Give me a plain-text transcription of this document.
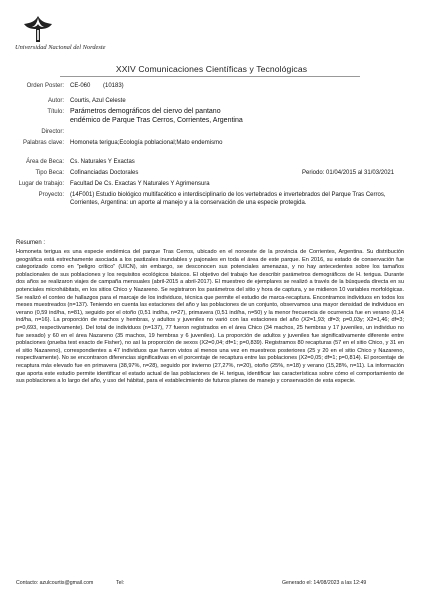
Universidad Nacional del Nordeste
XXIV Comunicaciones Científicas y Tecnológicas
Orden Poster: CE-060 (10183)
Autor: Courtis, Azul Celeste
Título: Parámetros demográficos del ciervo del pantano
endémico de Parque Tras Cerros, Corrientes, Argentina
Director:
Palabras clave: Homoneta terigua;Ecología poblacional;Mato endemismo
Área de Beca: Cs. Naturales Y Exactas
Tipo Beca: Cofinanciadas Doctorales	Periodo: 01/04/2015 al 31/03/2021
Lugar de trabajo: Facultad De Cs. Exactas Y Naturales Y Agrimensura
Proyecto: (14F001) Estudio biológico multifacético e interdisciplinario de los vertebrados e invertebrados del Parque Tras Cerros, Corrientes, Argentina: un aporte al manejo y a la conservación de una especie protegida.
Resumen :
Homoneta terigua es una especie endémica del parque Tras Cerros, ubicado en el noroeste de la provincia de Corrientes, Argentina. Su distribución geográfica está estrechamente asociada a los pastizales inundables y pajonales en toda el área de este parque. En 2016, su estado de conservación fue categorizado como en "peligro crítico" (UICN), sin embargo, se desconocen sus potenciales amenazas, y no hay antecedentes sobre los tamaños poblacionales de sus poblaciones y los requisitos ecológicos básicos. El objetivo del trabajo fue describir parámetros demográficos de H. terigua. Durante dos años se realizaron viajes de campaña mensuales (abril-2015 a abril-2017). El muestreo de ejemplares se realizó a través de la búsqueda directa en su potenciales microhábitats, en los sitios Chico y Nazareno. Se registraron los parámetros del sitio y hora de captura, y se midieron 10 variables morfológicas. Se realizó el conteo de hallazgos para el marcaje de los individuos, técnica que permite el estudio de marca-recaptura. Encontramos individuos en todos los meses muestreados (n=137). Teniendo en cuenta las estaciones del año y las poblaciones de un conjunto, observamos una mayor densidad de individuos en verano (0,59 ind/ha, n=81), seguido por el otoño (0,51 ind/ha, n=27), primavera (0,51 ind/ha, n=50) y la menor frecuencia de ocurrencia fue en verano (0,14 ind/ha, n=16). La proporción de machos y hembras, y adultos y juveniles no varió con las estaciones del año (X2=1,93; df=3; p=0,03y; X2=1,46; df=3; p=0,693, respectivamente). Del total de individuos (n=137), 77 fueron registrados en el área Chico (34 machos, 25 hembras y 17 juveniles, un individuo no fue sexado) y 60 en el área Nazareno (35 machos, 19 hembras y 6 juveniles). La proporción de adultos y juveniles fue significativamente diferente entre poblaciones (prueba test exacto de Fisher), no así la proporción de sexos (X2=0,04; df=1; p=0,839). Registramos 80 recapturas (57 en el sitio Chico, y 31 en el sitio Nazareno), correspondientes a 47 individuos que fueron vistos al menos una vez en muestreos posteriores (25 y 20 en el sitio Chico y Nazareno, respectivamente). No se encontraron diferencias significativas en el porcentaje de recaptura entre las poblaciones (X2=0,05; df=1; p=0,814). El porcentaje de recaptura más elevado fue en primavera (38,97%, n=28), seguido por invierno (27,27%, n=20), otoño (25%, n=18) y verano (15,28%, n=11). La información que aporta este estudio permite identificar el estado actual de las poblaciones de H. terigua, identificar las características sobre cómo el comportamiento de sus poblaciones a lo largo del año, y uso del hábitat, para el establecimiento de futuros planes de manejo y conservación de esta especie.
Contacto: azulcourtis@gmail.com	Tel:	Generado el: 14/08/2023 a las 12:49
